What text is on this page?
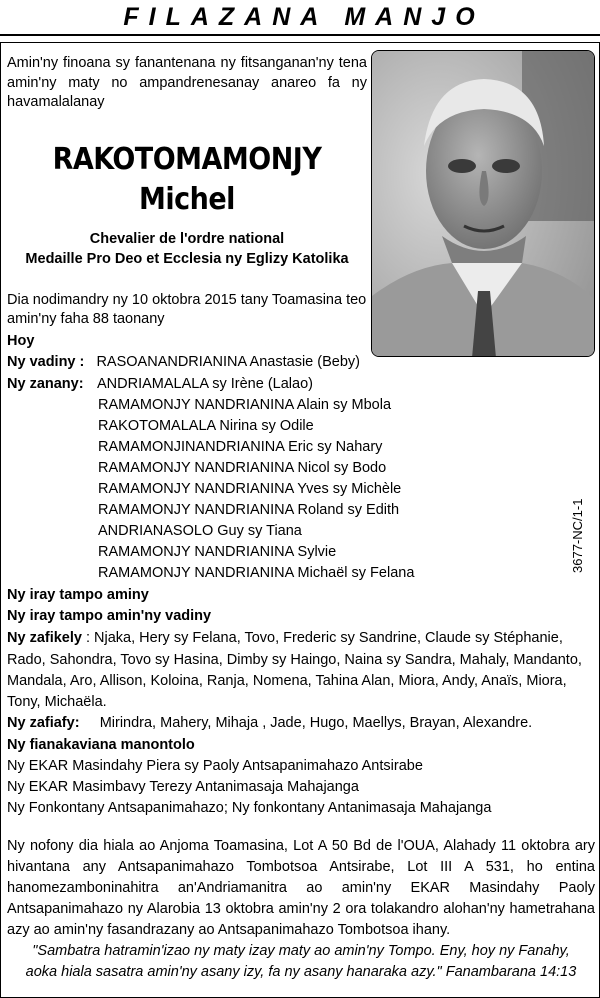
FILAZANA MANJO
Amin'ny finoana sy fanantenana ny fitsanganan'ny tena amin'ny maty no ampandrenesanay anareo fa ny havamalalanay
RAKOTOMAMONJY
Michel
Chevalier de l'ordre national
Medaille Pro Deo et Ecclesia ny Eglizy Katolika
Dia nodimandry ny 10 oktobra 2015 tany Toamasina teo amin'ny faha 88 taonany
3677-NC/1-1
Hoy
Ny vadiny : RASOANANDRIANINA Anastasie (Beby)
Ny zanany: ANDRIAMALALA sy Irène (Lalao)
RAMAMONJY NANDRIANINA Alain sy Mbola
RAKOTOMALALA Nirina sy Odile
RAMAMONJINANDRIANINA Eric sy Nahary
RAMAMONJY NANDRIANINA Nicol sy Bodo
RAMAMONJY NANDRIANINA Yves sy Michèle
RAMAMONJY NANDRIANINA Roland sy Edith
ANDRIANASOLO Guy sy Tiana
RAMAMONJY NANDRIANINA Sylvie
RAMAMONJY NANDRIANINA Michaël sy Felana
Ny iray tampo aminy
Ny iray tampo amin'ny vadiny
Ny zafikely : Njaka, Hery sy Felana, Tovo, Frederic sy Sandrine, Claude sy Stéphanie,
Rado, Sahondra, Tovo sy Hasina, Dimby sy Haingo, Naina sy Sandra, Mahaly, Mandanto,
Mandala, Aro, Allison, Koloina, Ranja, Nomena, Tahina Alan, Miora, Andy, Anaïs, Miora,
Tony, Michaëla.
Ny zafiafy: Mirindra, Mahery, Mihaja , Jade, Hugo, Maellys, Brayan, Alexandre.
Ny fianakaviana manontolo
Ny EKAR Masindahy Piera sy Paoly Antsapanimahazo Antsirabe
Ny EKAR Masimbavy Terezy Antanimasaja Mahajanga
Ny Fonkontany Antsapanimahazo; Ny fonkontany Antanimasaja Mahajanga
Ny nofony dia hiala ao Anjoma Toamasina, Lot A 50 Bd de l'OUA, Alahady 11 oktobra ary hivantana any Antsapanimahazo Tombotsoa Antsirabe, Lot III A 531, ho entina hanomezamboninahitra an'Andriamanitra ao amin'ny EKAR Masindahy Paoly Antsapanimahazo ny Alarobia 13 oktobra amin'ny 2 ora tolakandro alohan'ny hametrahana azy ao amin'ny fasandrazany ao Antsapanimahazo Tombotsoa ihany.
"Sambatra hatramin'izao ny maty izay maty ao amin'ny Tompo. Eny, hoy ny Fanahy,
aoka hiala sasatra amin'ny asany izy, fa ny asany hanaraka azy." Fanambarana 14:13
